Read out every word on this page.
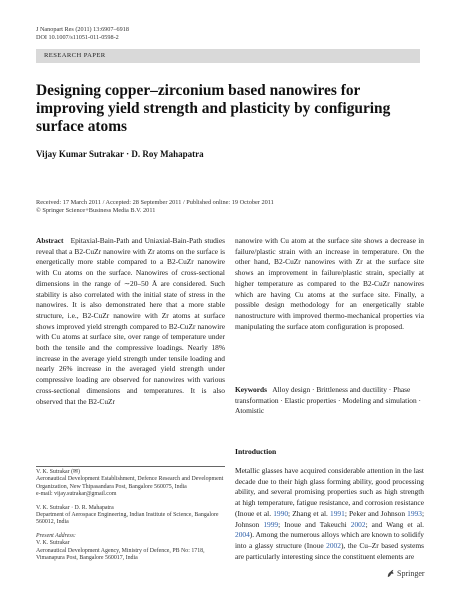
J Nanopart Res (2011) 13:6907–6918
DOI 10.1007/s11051-011-0598-2
RESEARCH PAPER
Designing copper–zirconium based nanowires for improving yield strength and plasticity by configuring surface atoms
Vijay Kumar Sutrakar · D. Roy Mahapatra
Received: 17 March 2011 / Accepted: 28 September 2011 / Published online: 19 October 2011
© Springer Science+Business Media B.V. 2011
Abstract   Epitaxial-Bain-Path and Uniaxial-Bain-Path studies reveal that a B2-CuZr nanowire with Zr atoms on the surface is energetically more stable compared to a B2-CuZr nanowire with Cu atoms on the surface. Nanowires of cross-sectional dimensions in the range of ∼20–50 Å are considered. Such stability is also correlated with the initial state of stress in the nanowires. It is also demonstrated here that a more stable structure, i.e., B2-CuZr nanowire with Zr atoms at surface shows improved yield strength compared to B2-CuZr nanowire with Cu atoms at surface site, over range of temperature under both the tensile and the compressive loadings. Nearly 18% increase in the average yield strength under tensile loading and nearly 26% increase in the averaged yield strength under compressive loading are observed for nanowires with various cross-sectional dimensions and temperatures. It is also observed that the B2-CuZr
nanowire with Cu atom at the surface site shows a decrease in failure/plastic strain with an increase in temperature. On the other hand, B2-CuZr nanowires with Zr at the surface site shows an improvement in failure/plastic strain, specially at higher temperature as compared to the B2-CuZr nanowires which are having Cu atoms at the surface site. Finally, a possible design methodology for an energetically stable nanostructure with improved thermo-mechanical properties via manipulating the surface atom configuration is proposed.
Keywords   Alloy design · Brittleness and ductility · Phase transformation · Elastic properties · Modeling and simulation · Atomistic

V. K. Sutrakar (✉)
Aeronautical Development Establishment, Defence Research and Development Organization, New Thipasandara Post, Bangalore 560075, India
e-mail: vijay.sutrakar@gmail.com

V. K. Sutrakar · D. R. Mahapatra
Department of Aerospace Engineering, Indian Institute of Science, Bangalore 560012, India

Present Address:
V. K. Sutrakar
Aeronautical Development Agency, Ministry of Defence, PB No: 1718, Vimanapura Post, Bangalore 560017, India

Introduction
Metallic glasses have acquired considerable attention in the last decade due to their high glass forming ability, good processing ability, and several promising properties such as high strength at high temperature, fatigue resistance, and corrosion resistance (Inoue et al. 1990; Zhang et al. 1991; Peker and Johnson 1993; Johnson 1999; Inoue and Takeuchi 2002; and Wang et al. 2004). Among the numerous alloys which are known to solidify into a glassy structure (Inoue 2002), the Cu–Zr based systems are particularly interesting since the constituent elements are
Springer
